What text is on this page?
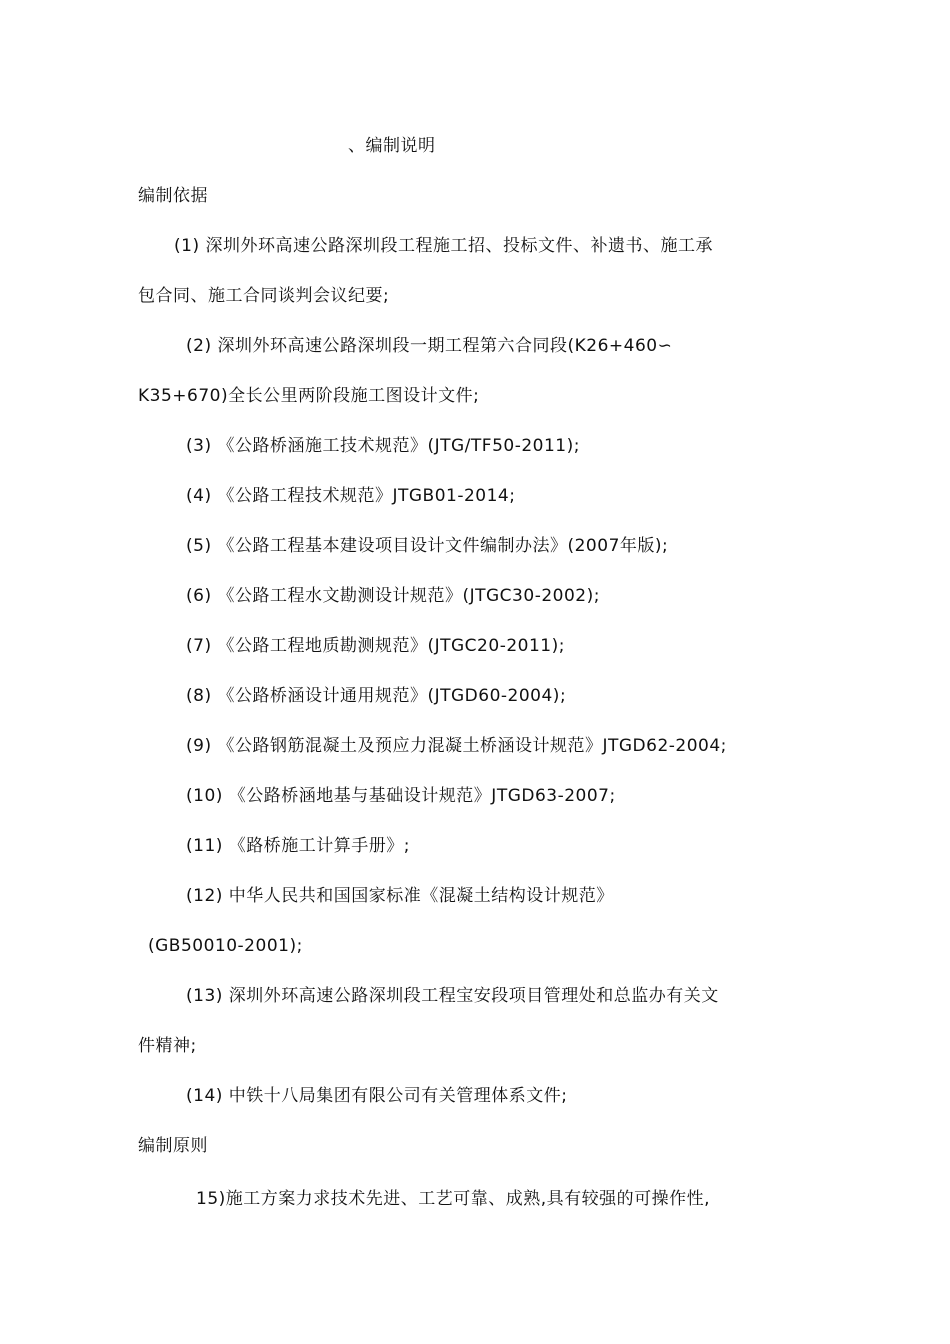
、编制说明
编制依据
(1) 深圳外环高速公路深圳段工程施工招、投标文件、补遗书、施工承
包合同、施工合同谈判会议纪要;
(2) 深圳外环高速公路深圳段一期工程第六合同段(K26+460∽
K35+670)全长公里两阶段施工图设计文件;
(3) 《公路桥涵施工技术规范》(JTG/TF50-2011);
(4) 《公路工程技术规范》JTGB01-2014;
(5) 《公路工程基本建设项目设计文件编制办法》(2007年版);
(6) 《公路工程水文勘测设计规范》(JTGC30-2002);
(7) 《公路工程地质勘测规范》(JTGC20-2011);
(8) 《公路桥涵设计通用规范》(JTGD60-2004);
(9) 《公路钢筋混凝土及预应力混凝土桥涵设计规范》JTGD62-2004;
(10) 《公路桥涵地基与基础设计规范》JTGD63-2007;
(11) 《路桥施工计算手册》;
(12) 中华人民共和国国家标准《混凝土结构设计规范》
(GB50010-2001);
(13) 深圳外环高速公路深圳段工程宝安段项目管理处和总监办有关文
件精神;
(14) 中铁十八局集团有限公司有关管理体系文件;
编制原则
15)施工方案力求技术先进、工艺可靠、成熟,具有较强的可操作性,
